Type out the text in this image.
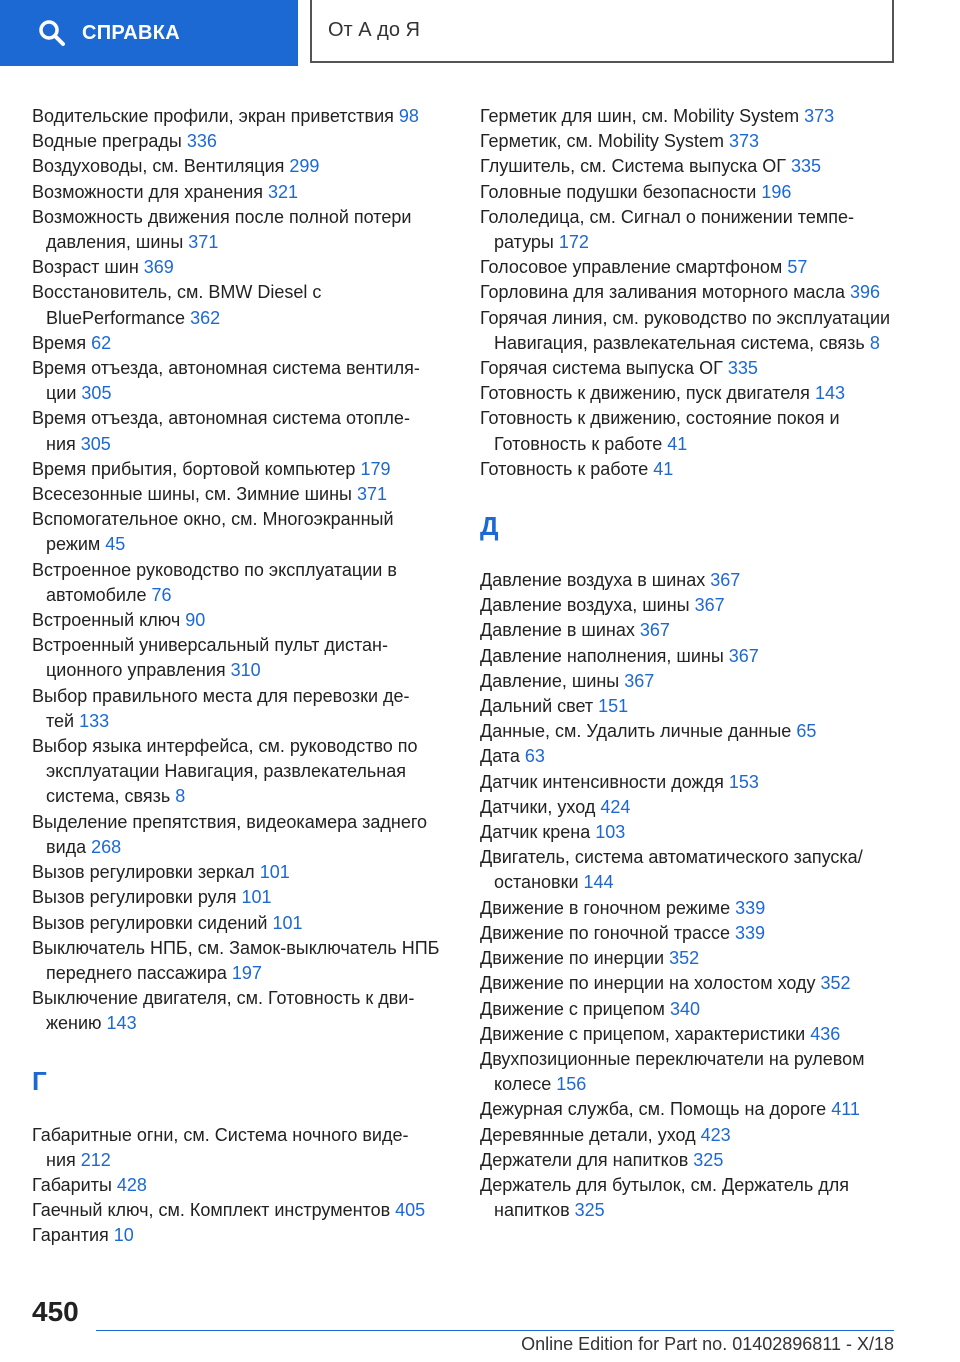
СПРАВКА	От А до Я
Водительские профили, экран приветствия 98
Водные преграды 336
Воздуховоды, см. Вентиляция 299
Возможности для хранения 321
Возможность движения после полной потери давления, шины 371
Возраст шин 369
Восстановитель, см. BMW Diesel с BluePerformance 362
Время 62
Время отъезда, автономная система вентиляции 305
Время отъезда, автономная система отопления 305
Время прибытия, бортовой компьютер 179
Всесезонные шины, см. Зимние шины 371
Вспомогательное окно, см. Многоэкранный режим 45
Встроенное руководство по эксплуатации в автомобиле 76
Встроенный ключ 90
Встроенный универсальный пульт дистанционного управления 310
Выбор правильного места для перевозки детей 133
Выбор языка интерфейса, см. руководство по эксплуатации Навигация, развлекательная система, связь 8
Выделение препятствия, видеокамера заднего вида 268
Вызов регулировки зеркал 101
Вызов регулировки руля 101
Вызов регулировки сидений 101
Выключатель НПБ, см. Замок-выключатель НПБ переднего пассажира 197
Выключение двигателя, см. Готовность к движению 143
Г
Габаритные огни, см. Система ночного видения 212
Габариты 428
Гаечный ключ, см. Комплект инструментов 405
Гарантия 10
Герметик для шин, см. Mobility System 373
Герметик, см. Mobility System 373
Глушитель, см. Система выпуска ОГ 335
Головные подушки безопасности 196
Гололедица, см. Сигнал о понижении температуры 172
Голосовое управление смартфоном 57
Горловина для заливания моторного масла 396
Горячая линия, см. руководство по эксплуатации Навигация, развлекательная система, связь 8
Горячая система выпуска ОГ 335
Готовность к движению, пуск двигателя 143
Готовность к движению, состояние покоя и Готовность к работе 41
Готовность к работе 41
Д
Давление воздуха в шинах 367
Давление воздуха, шины 367
Давление в шинах 367
Давление наполнения, шины 367
Давление, шины 367
Дальний свет 151
Данные, см. Удалить личные данные 65
Дата 63
Датчик интенсивности дождя 153
Датчики, уход 424
Датчик крена 103
Двигатель, система автоматического запуска/ остановки 144
Движение в гоночном режиме 339
Движение по гоночной трассе 339
Движение по инерции 352
Движение по инерции на холостом ходу 352
Движение с прицепом 340
Движение с прицепом, характеристики 436
Двухпозиционные переключатели на рулевом колесе 156
Дежурная служба, см. Помощь на дороге 411
Деревянные детали, уход 423
Держатели для напитков 325
Держатель для бутылок, см. Держатель для напитков 325
450
Online Edition for Part no. 01402896811 - X/18
